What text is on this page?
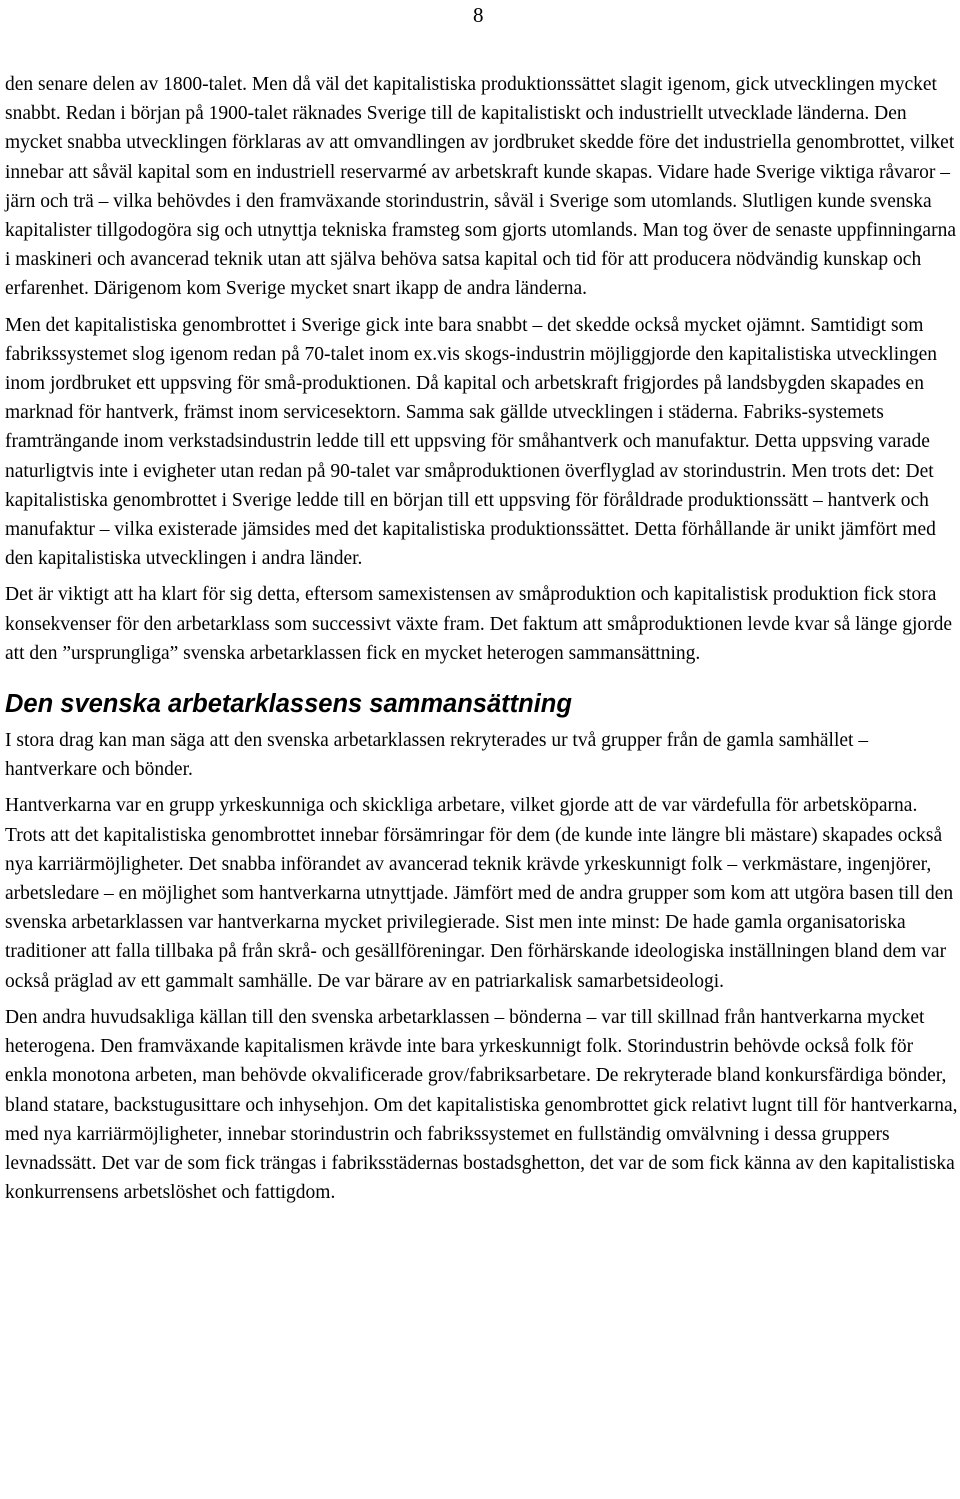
8

den senare delen av 1800-talet. Men då väl det kapitalistiska produktionssättet slagit igenom, gick utvecklingen mycket snabbt. Redan i början på 1900-talet räknades Sverige till de kapitalistiskt och industriellt utvecklade länderna. Den mycket snabba utvecklingen förklaras av att omvandlingen av jordbruket skedde före det industriella genombrottet, vilket innebar att såväl kapital som en industriell reservarmé av arbetskraft kunde skapas. Vidare hade Sverige viktiga råvaror – järn och trä – vilka behövdes i den framväxande storindustrin, såväl i Sverige som utomlands. Slutligen kunde svenska kapitalister tillgodogöra sig och utnyttja tekniska framsteg som gjorts utomlands. Man tog över de senaste uppfinningarna i maskineri och avancerad teknik utan att själva behöva satsa kapital och tid för att producera nödvändig kunskap och erfarenhet. Därigenom kom Sverige mycket snart ikapp de andra länderna.

Men det kapitalistiska genombrottet i Sverige gick inte bara snabbt – det skedde också mycket ojämnt. Samtidigt som fabrikssystemet slog igenom redan på 70-talet inom ex.vis skogs-industrin möjliggjorde den kapitalistiska utvecklingen inom jordbruket ett uppsving för små-produktionen. Då kapital och arbetskraft frigjordes på landsbygden skapades en marknad för hantverk, främst inom servicesektorn. Samma sak gällde utvecklingen i städerna. Fabriks-systemets framträngande inom verkstadsindustrin ledde till ett uppsving för småhantverk och manufaktur. Detta uppsving varade naturligtvis inte i evigheter utan redan på 90-talet var småproduktionen överflyglad av storindustrin. Men trots det: Det kapitalistiska genombrottet i Sverige ledde till en början till ett uppsving för föråldrade produktionssätt – hantverk och manufaktur – vilka existerade jämsides med det kapitalistiska produktionssättet. Detta förhållande är unikt jämfört med den kapitalistiska utvecklingen i andra länder.

Det är viktigt att ha klart för sig detta, eftersom samexistensen av småproduktion och kapitalistisk produktion fick stora konsekvenser för den arbetarklass som successivt växte fram. Det faktum att småproduktionen levde kvar så länge gjorde att den ”ursprungliga” svenska arbetarklassen fick en mycket heterogen sammansättning.

Den svenska arbetarklassens sammansättning

I stora drag kan man säga att den svenska arbetarklassen rekryterades ur två grupper från de gamla samhället – hantverkare och bönder.

Hantverkarna var en grupp yrkeskunniga och skickliga arbetare, vilket gjorde att de var värdefulla för arbetsköparna. Trots att det kapitalistiska genombrottet innebar försämringar för dem (de kunde inte längre bli mästare) skapades också nya karriärmöjligheter. Det snabba införandet av avancerad teknik krävde yrkeskunnigt folk – verkmästare, ingenjörer, arbetsledare – en möjlighet som hantverkarna utnyttjade. Jämfört med de andra grupper som kom att utgöra basen till den svenska arbetarklassen var hantverkarna mycket privilegierade. Sist men inte minst: De hade gamla organisatoriska traditioner att falla tillbaka på från skrå- och gesällföreningar. Den förhärskande ideologiska inställningen bland dem var också präglad av ett gammalt samhälle. De var bärare av en patriarkalisk samarbetsideologi.

Den andra huvudsakliga källan till den svenska arbetarklassen – bönderna – var till skillnad från hantverkarna mycket heterogena. Den framväxande kapitalismen krävde inte bara yrkeskunnigt folk. Storindustrin behövde också folk för enkla monotona arbeten, man behövde okvalificerade grov/fabriksarbetare. De rekryterade bland konkursfärdiga bönder, bland statare, backstugusittare och inhysehjon. Om det kapitalistiska genombrottet gick relativt lugnt till för hantverkarna, med nya karriärmöjligheter, innebar storindustrin och fabrikssystemet en fullständig omvälvning i dessa gruppers levnadssätt. Det var de som fick trängas i fabriksstädernas bostadsghetton, det var de som fick känna av den kapitalistiska konkurrensens arbetslöshet och fattigdom.
